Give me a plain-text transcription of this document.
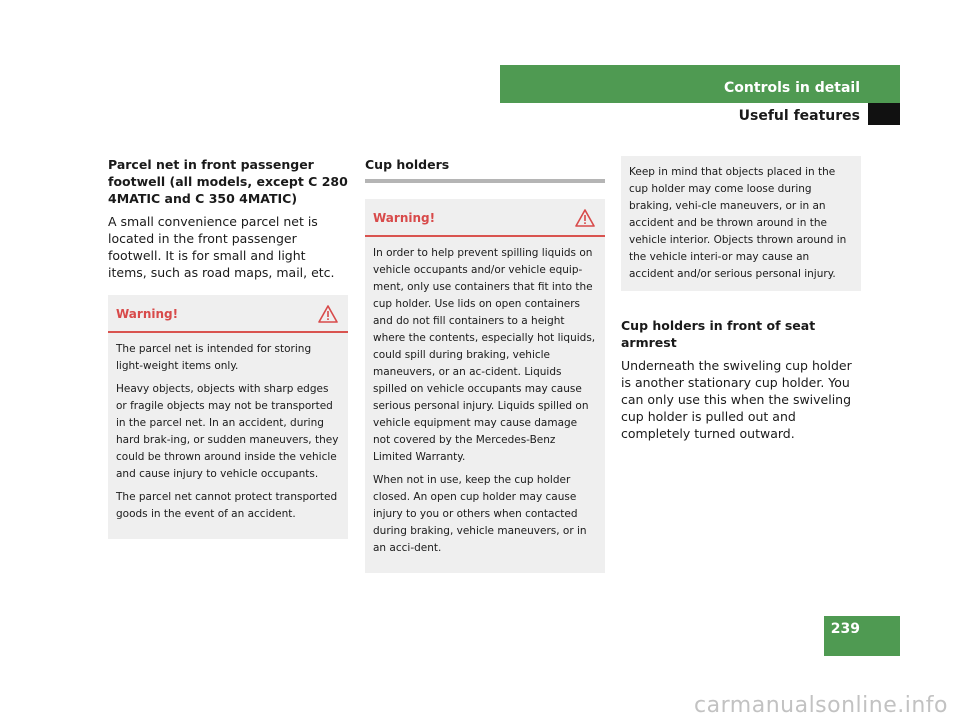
Controls in detail
Useful features

Parcel net in front passenger footwell (all models, except C 280 4MATIC and C 350 4MATIC)

A small convenience parcel net is located in the front passenger footwell. It is for small and light items, such as road maps, mail, etc.

Warning!

The parcel net is intended for storing light-weight items only.

Heavy objects, objects with sharp edges or fragile objects may not be transported in the parcel net. In an accident, during hard brak-ing, or sudden maneuvers, they could be thrown around inside the vehicle and cause injury to vehicle occupants.

The parcel net cannot protect transported goods in the event of an accident.

Cup holders
Warning!

In order to help prevent spilling liquids on vehicle occupants and/or vehicle equip-ment, only use containers that fit into the cup holder. Use lids on open containers and do not fill containers to a height where the contents, especially hot liquids, could spill during braking, vehicle maneuvers, or an ac-cident. Liquids spilled on vehicle occupants may cause serious personal injury. Liquids spilled on vehicle equipment may cause damage not covered by the Mercedes-Benz Limited Warranty.

When not in use, keep the cup holder closed. An open cup holder may cause injury to you or others when contacted during braking, vehicle maneuvers, or in an acci-dent.

Keep in mind that objects placed in the cup holder may come loose during braking, vehi-cle maneuvers, or in an accident and be thrown around in the vehicle interior. Objects thrown around in the vehicle interi-or may cause an accident and/or serious personal injury.

Cup holders in front of seat armrest

Underneath the swiveling cup holder is another stationary cup holder. You can only use this when the swiveling cup holder is pulled out and completely turned outward.

239
carmanualsonline.info
